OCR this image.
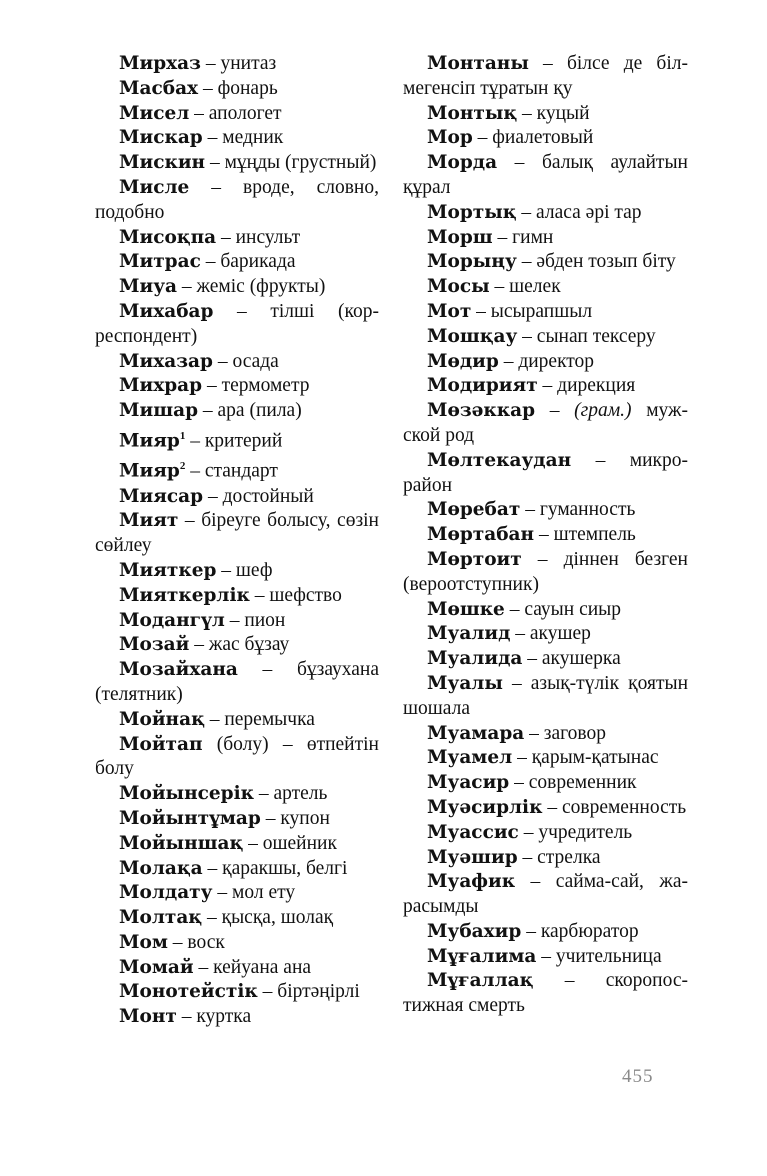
Мирхаз – унитаз

Масбах – фонарь

Мисел – апологет

Мискар – медник

Мискин – мұңды (грустный)

Мисле – вроде, словно, подобно

Мисоқпа – инсульт

Митрас – барикада

Миуа – жеміс (фрукты)

Михабар – тілші (корреспондент)

Михазар – осада

Михрар – термометр

Мишар – ара (пила)

Мияр$^1$ – критерий

Мияр$^2$ – стандарт

Миясар – достойный

Мият – біреуге болысу, сөзін сөйлеу

Мияткер – шеф

Мияткерлік – шефство

Модангүл – пион

Мозай – жас бұзау

Мозайхана – бұзаухана (телятник)

Мойнақ – перемычка

Мойтап (болу) – өтпейтін болу

Мойынсерік – артель

Мойынтұмар – купон

Мойыншақ – ошейник

Молақа – қаракшы, белгі

Молдату – мол ету

Молтақ – қысқа, шолақ

Мом – воск

Момай – кейуана ана

Монотейстік – біртәңірлі

Монт – куртка

Монтаны – білсе де білмегенсіп тұратын қу

Монтық – куцый

Мор – фиалетовый

Морда – балық аулайтын құрал

Мортық – аласа әрі тар

Морш – гимн

Морыңу – әбден тозып біту

Мосы – шелек

Мот – ысырапшыл

Мошқау – сынап тексеру

Мөдир – директор

Модирият – дирекция

Мөзәккар – (грам.) мужской род

Мөлтекаудан – микрорайон

Мөребат – гуманность

Мөртабан – штемпель

Мөртоит – діннен безген (вероотступник)

Мөшке – сауын сиыр

Муалид – акушер

Муалида – акушерка

Муалы – азық-түлік қоятын шошала

Муамара – заговор

Муамел – қарым-қатынас

Муасир – современник

Муәсирлік – современность

Муассис – учредитель

Муәшир – стрелка

Муафик – сайма-сай, жарасымды

Мубахир – карбюратор

Мұғалима – учительница

Мұғаллақ – скоропостижная смерть

455
